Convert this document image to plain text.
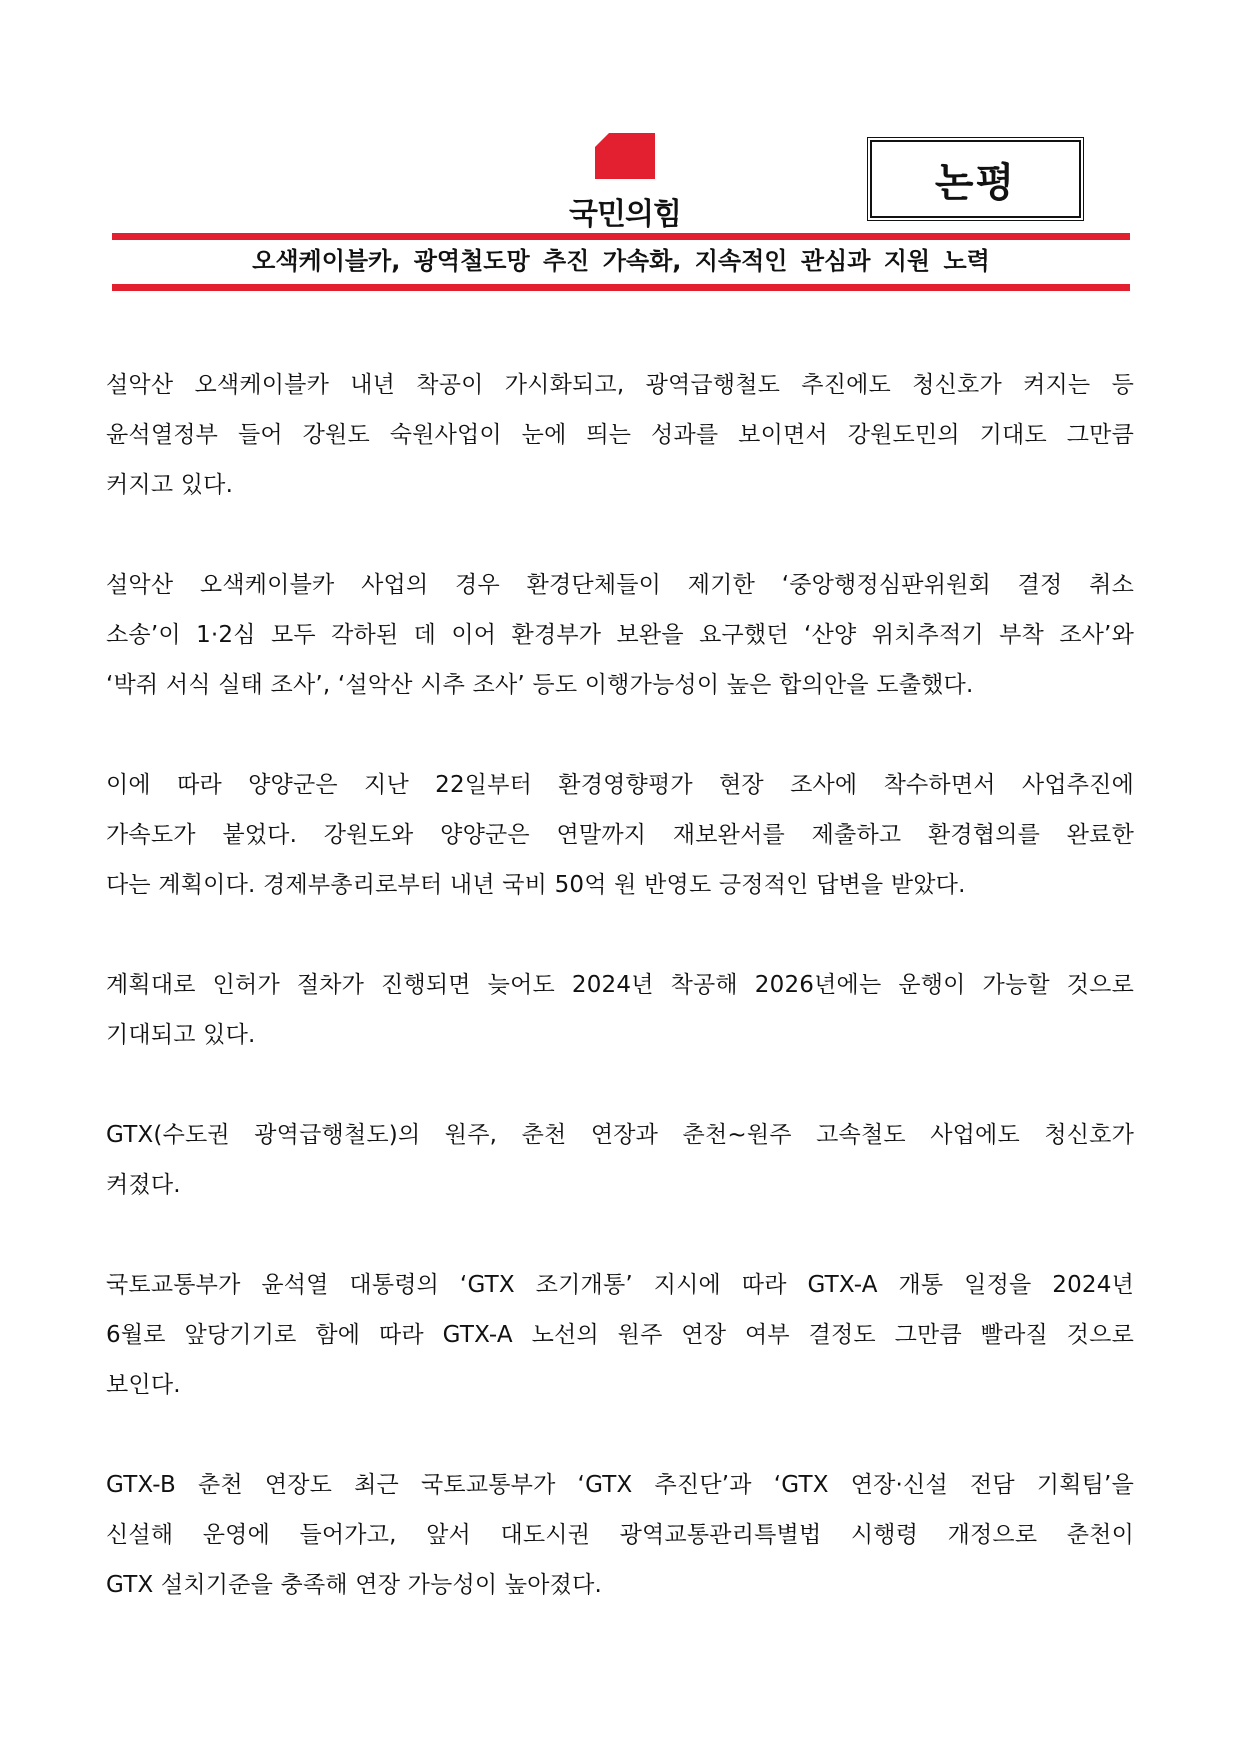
국민의힘
논평
오색케이블카, 광역철도망 추진 가속화, 지속적인 관심과 지원 노력
설악산 오색케이블카 내년 착공이 가시화되고, 광역급행철도 추진에도 청신호가 켜지는 등
윤석열정부 들어 강원도 숙원사업이 눈에 띄는 성과를 보이면서 강원도민의 기대도 그만큼
커지고 있다.
설악산 오색케이블카 사업의 경우 환경단체들이 제기한 ‘중앙행정심판위원회 결정 취소
소송’이 1·2심 모두 각하된 데 이어 환경부가 보완을 요구했던 ‘산양 위치추적기 부착 조사’와
‘박쥐 서식 실태 조사’, ‘설악산 시추 조사’ 등도 이행가능성이 높은 합의안을 도출했다.
이에 따라 양양군은 지난 22일부터 환경영향평가 현장 조사에 착수하면서 사업추진에
가속도가 붙었다. 강원도와 양양군은 연말까지 재보완서를 제출하고 환경협의를 완료한
다는 계획이다. 경제부총리로부터 내년 국비 50억 원 반영도 긍정적인 답변을 받았다.
계획대로 인허가 절차가 진행되면 늦어도 2024년 착공해 2026년에는 운행이 가능할 것으로
기대되고 있다.
GTX(수도권 광역급행철도)의 원주, 춘천 연장과 춘천~원주 고속철도 사업에도 청신호가
켜졌다.
국토교통부가 윤석열 대통령의 ‘GTX 조기개통’ 지시에 따라 GTX-A 개통 일정을 2024년
6월로 앞당기기로 함에 따라 GTX-A 노선의 원주 연장 여부 결정도 그만큼 빨라질 것으로
보인다.
GTX-B 춘천 연장도 최근 국토교통부가 ‘GTX 추진단’과 ‘GTX 연장·신설 전담 기획팀’을
신설해 운영에 들어가고, 앞서 대도시권 광역교통관리특별법 시행령 개정으로 춘천이
GTX 설치기준을 충족해 연장 가능성이 높아졌다.
